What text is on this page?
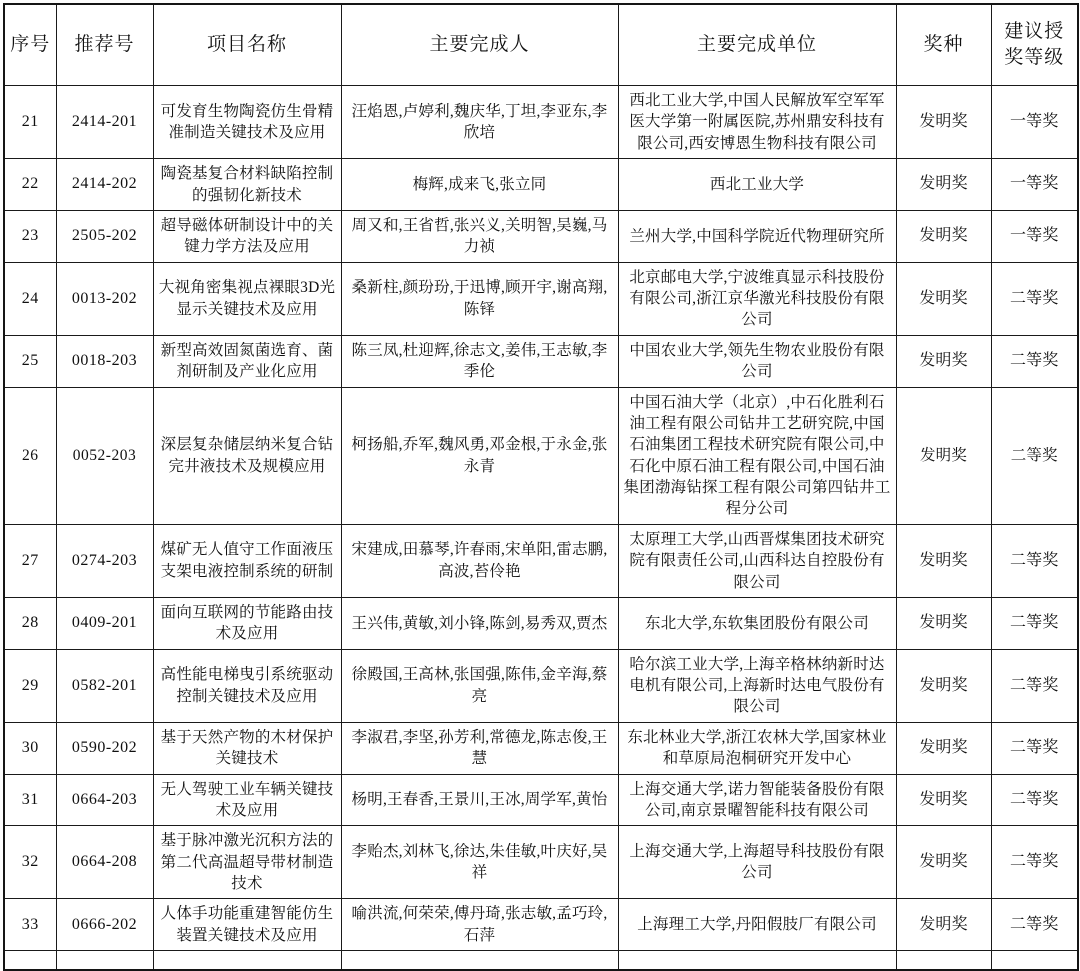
序号	推荐号	项目名称	主要完成人	主要完成单位	奖种	建议授奖等级
21	2414-201	可发育生物陶瓷仿生骨精准制造关键技术及应用	汪焰恩,卢婷利,魏庆华,丁坦,李亚东,李欣培	西北工业大学,中国人民解放军空军军医大学第一附属医院,苏州鼎安科技有限公司,西安博恩生物科技有限公司	发明奖	一等奖
22	2414-202	陶瓷基复合材料缺陷控制的强韧化新技术	梅辉,成来飞,张立同	西北工业大学	发明奖	一等奖
23	2505-202	超导磁体研制设计中的关键力学方法及应用	周又和,王省哲,张兴义,关明智,吴巍,马力祯	兰州大学,中国科学院近代物理研究所	发明奖	一等奖
24	0013-202	大视角密集视点裸眼3D光显示关键技术及应用	桑新柱,颜玢玢,于迅博,顾开宇,谢高翔,陈铎	北京邮电大学,宁波维真显示科技股份有限公司,浙江京华激光科技股份有限公司	发明奖	二等奖
25	0018-203	新型高效固氮菌选育、菌剂研制及产业化应用	陈三凤,杜迎辉,徐志文,姜伟,王志敏,李季伦	中国农业大学,领先生物农业股份有限公司	发明奖	二等奖
26	0052-203	深层复杂储层纳米复合钻完井液技术及规模应用	柯扬船,乔军,魏风勇,邓金根,于永金,张永青	中国石油大学（北京）,中石化胜利石油工程有限公司钻井工艺研究院,中国石油集团工程技术研究院有限公司,中石化中原石油工程有限公司,中国石油集团渤海钻探工程有限公司第四钻井工程分公司	发明奖	二等奖
27	0274-203	煤矿无人值守工作面液压支架电液控制系统的研制	宋建成,田慕琴,许春雨,宋单阳,雷志鹏,高波,苔伶艳	太原理工大学,山西晋煤集团技术研究院有限责任公司,山西科达自控股份有限公司	发明奖	二等奖
28	0409-201	面向互联网的节能路由技术及应用	王兴伟,黄敏,刘小锋,陈剑,易秀双,贾杰	东北大学,东软集团股份有限公司	发明奖	二等奖
29	0582-201	高性能电梯曳引系统驱动控制关键技术及应用	徐殿国,王高林,张国强,陈伟,金辛海,蔡亮	哈尔滨工业大学,上海辛格林纳新时达电机有限公司,上海新时达电气股份有限公司	发明奖	二等奖
30	0590-202	基于天然产物的木材保护关键技术	李淑君,李坚,孙芳利,常德龙,陈志俊,王慧	东北林业大学,浙江农林大学,国家林业和草原局泡桐研究开发中心	发明奖	二等奖
31	0664-203	无人驾驶工业车辆关键技术及应用	杨明,王春香,王景川,王冰,周学军,黄怡	上海交通大学,诺力智能装备股份有限公司,南京景曜智能科技有限公司	发明奖	二等奖
32	0664-208	基于脉冲激光沉积方法的第二代高温超导带材制造技术	李贻杰,刘林飞,徐达,朱佳敏,叶庆好,吴祥	上海交通大学,上海超导科技股份有限公司	发明奖	二等奖
33	0666-202	人体手功能重建智能仿生装置关键技术及应用	喻洪流,何荣荣,傅丹琦,张志敏,孟巧玲,石萍	上海理工大学,丹阳假肢厂有限公司	发明奖	二等奖
